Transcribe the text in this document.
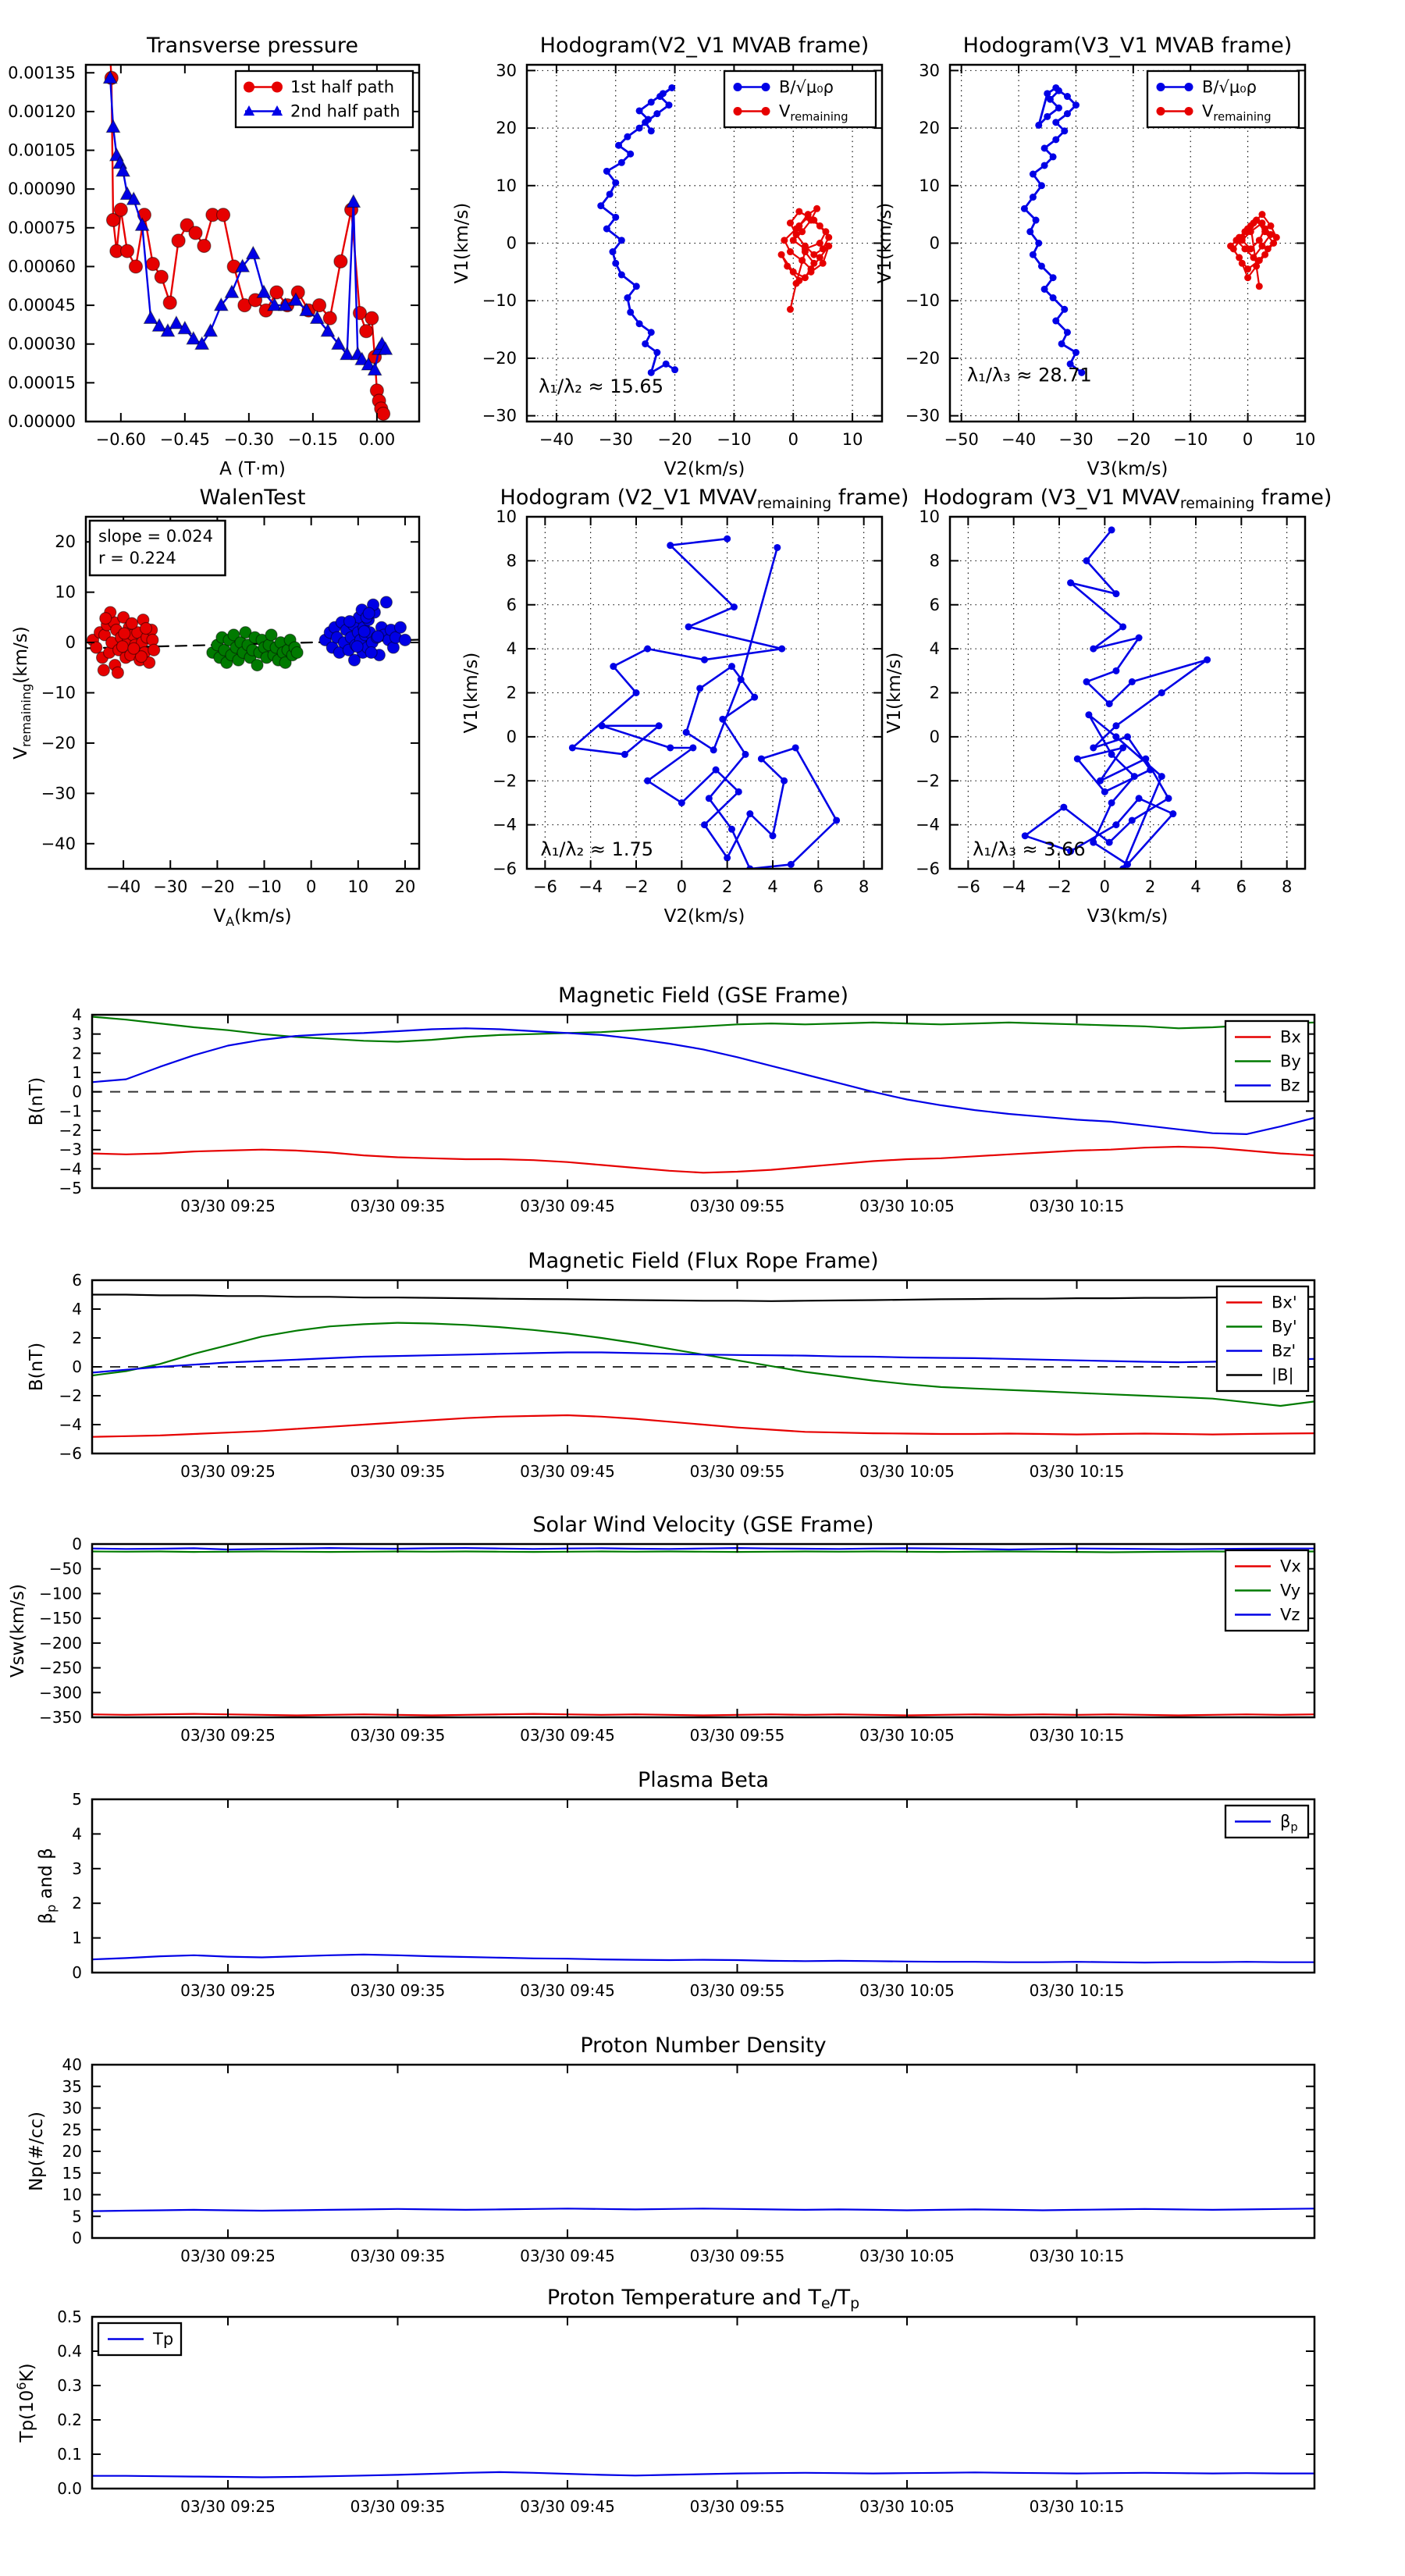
−0.60 −0.45 −0.30 −0.15 0.00
0.00000
0.00015
0.00030
0.00045
0.00060
0.00075
0.00090
0.00105
0.00120
0.00135
Transverse pressure
A (T·m)
1st half path
2nd half path
−40 −30 −20 −10 0	10
−30
−20
−10
0
10
20
30
Hodogram(V2_V1 MVAB frame)
V2(km/s)
V1(km/s)
λ₁/λ₂ ≈ 15.65
B/√μ₀ρ
$V_{remaining}$
−50 −40 −30 −20 −10 0	10
−30
−20
−10
0
10
20
30
Hodogram(V3_V1 MVAB frame)
V3(km/s)
V1(km/s)
λ₁/λ₃ ≈ 28.71
B/√μ₀ρ
$V_{remaining}$
−40 −30 −20 −10 0 10 20
−40
−30
−20
−10
0
10
20
WalenTest
$V_A(km/s)$
$V_{remaining}(km/s)$
slope = 0.024
r = 0.224
−6 −4 −2 0 2 4 6 8
−6
−4
−2
0
2
4
6
8
10
Hodogram (V2_V1 MVAVremaining frame)
V2(km/s)
V1(km/s)
λ₁/λ₂ ≈ 1.75
−6 −4 −2 0 2 4 6 8
−6
−4
−2
0
2
4
6
8
10
Hodogram (V3_V1 MVAVremaining frame)
V3(km/s)
V1(km/s)
λ₁/λ₃ ≈ 3.66
03/30 09:25	03/30 09:35	03/30 09:45	03/30 09:55	03/30 10:05	03/30 10:15
−5
−4
−3
−2
−1
0
1
2
3
4
Magnetic Field (GSE Frame)
B(nT)
Bx
By
Bz
03/30 09:25	03/30 09:35	03/30 09:45	03/30 09:55	03/30 10:05	03/30 10:15
−6
−4
−2
0
2
4
6
Magnetic Field (Flux Rope Frame)
B(nT)
Bx'
By'
Bz'
|B|
03/30 09:25	03/30 09:35	03/30 09:45	03/30 09:55	03/30 10:05	03/30 10:15
−350
−300
−250
−200
−150
−100
−50
0
Solar Wind Velocity (GSE Frame)
Vsw(km/s)
Vx
Vy
Vz
03/30 09:25	03/30 09:35	03/30 09:45	03/30 09:55	03/30 10:05	03/30 10:15
0
1
2
3
4
5
Plasma Beta
$\beta_p$ and β
$\beta_p$
03/30 09:25	03/30 09:35	03/30 09:45	03/30 09:55	03/30 10:05	03/30 10:15
0
5
10
15
20
25
30
35
40
Proton Number Density
Np(#/cc)
03/30 09:25	03/30 09:35	03/30 09:45	03/30 09:55	03/30 10:05	03/30 10:15
0.0
0.1
0.2
0.3
0.4
0.5
Proton Temperature and Te/Tp
$Tp(10^6K)$
Tp
